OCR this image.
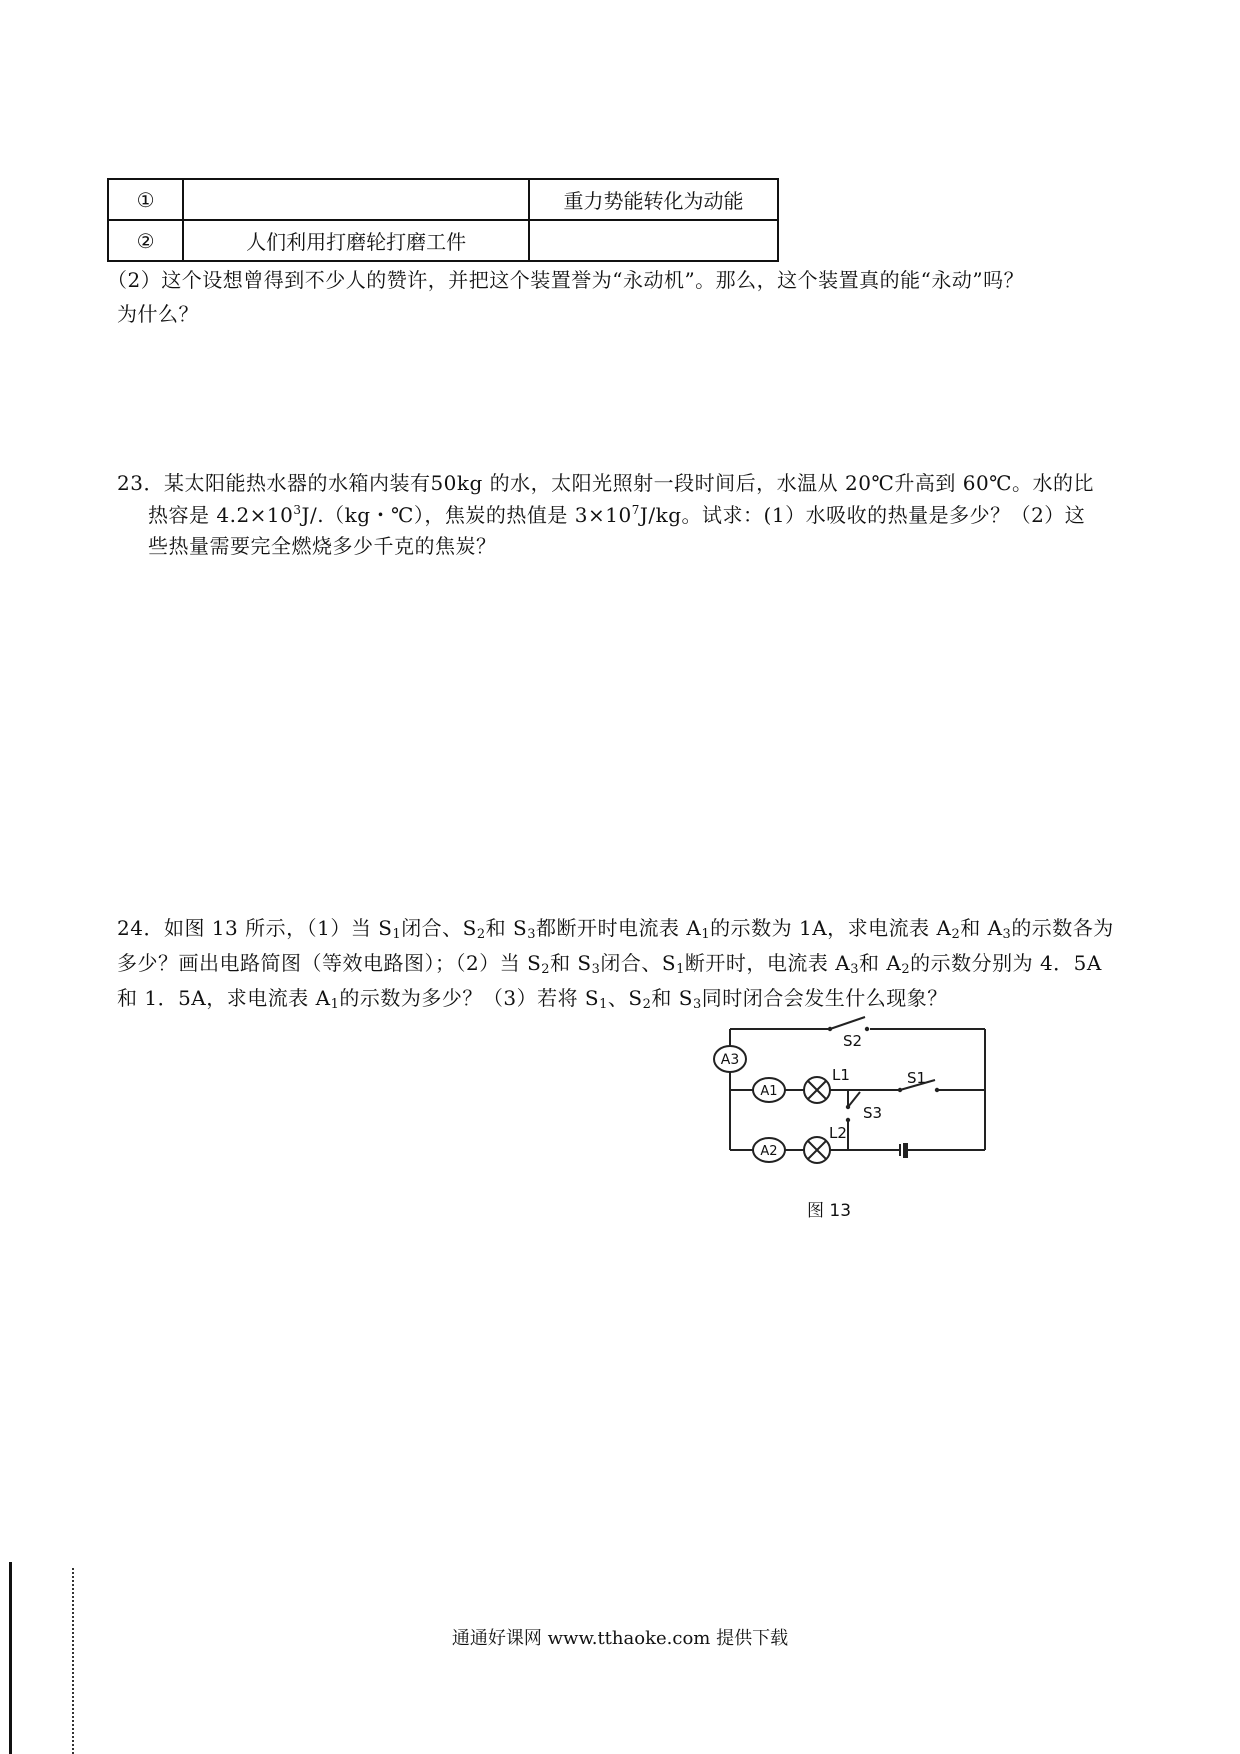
①		重力势能转化为动能
②	人们利用打磨轮打磨工件	
（2）这个设想曾得到不少人的赞许，并把这个装置誉为“永动机”。那么，这个装置真的能“永动”吗？
为什么？
23．某太阳能热水器的水箱内装有50kg 的水，太阳光照射一段时间后，水温从 20℃升高到 60℃。水的比
热容是 $4.2\times 10^3J/.(kg$・℃），焦炭的热值是 $3\times 10^7J/kg$。试求：(1）水吸收的热量是多少？（2）这
些热量需要完全燃烧多少千克的焦炭？
24．如图 13 所示，（1）当 $S_1$闭合、$S_2$和 $S_3$都断开时电流表 $A_1$的示数为 1A，求电流表 $A_2$和 $A_3$的示数各为
多少？画出电路简图（等效电路图）；（2）当 $S_2$和 $S_3$闭合、$S_1$断开时，电流表 $A_3$和 $A_2$的示数分别为 4．5A
和 1．5A，求电流表 $A_1$的示数为多少？（3）若将 $S_1$、$S_2$和 $S_3$同时闭合会发生什么现象？
A3
A1
A2
S2
S1
S3
L1
L2
图 13
通通好课网 www.tthaoke.com 提供下载
